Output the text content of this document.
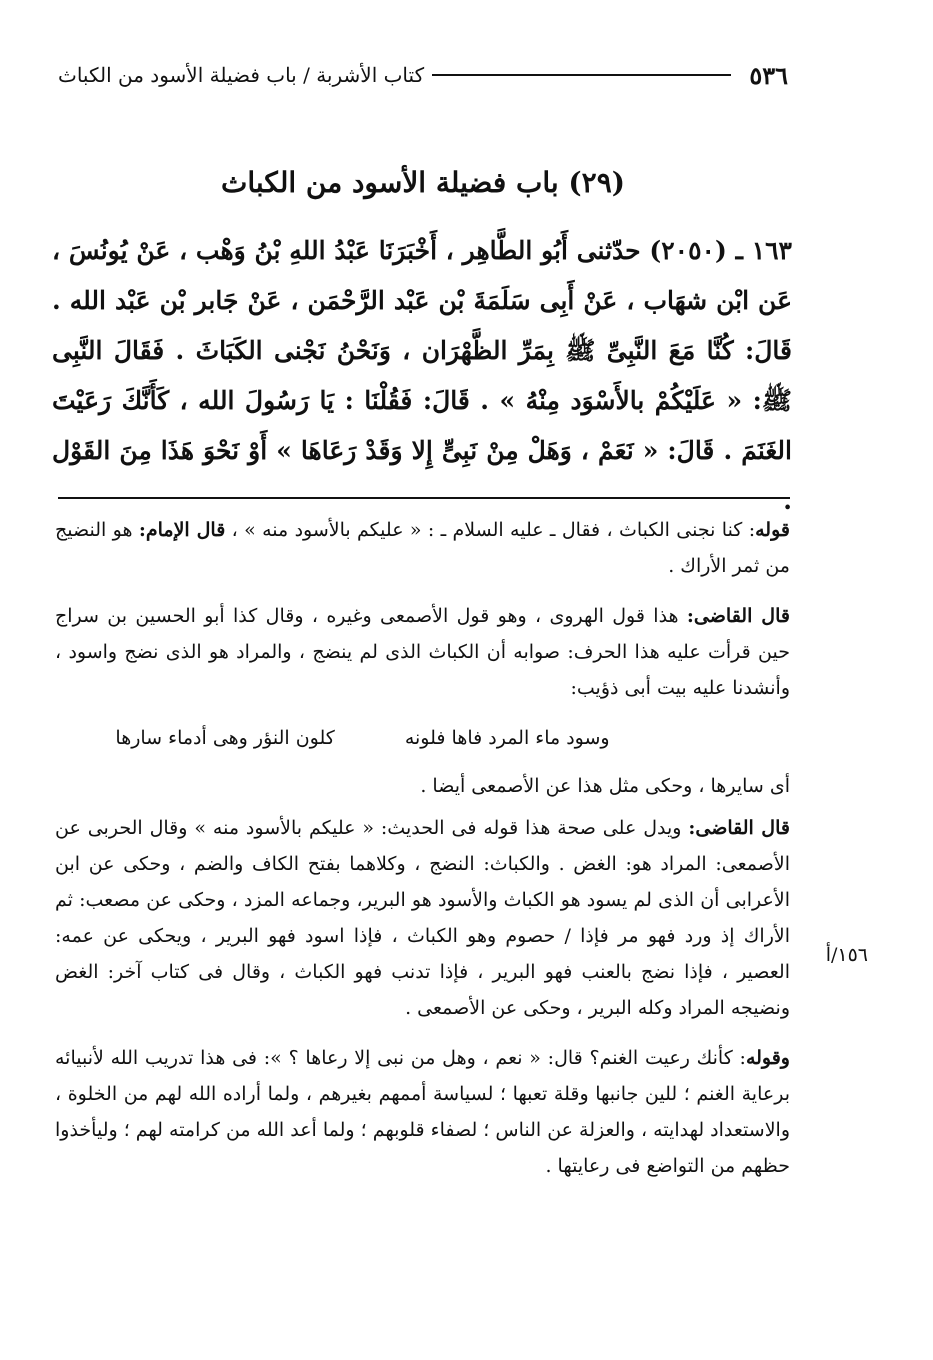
٥٣٦
كتاب الأشربة / باب فضيلة الأسود من الكباث
(٢٩) باب فضيلة الأسود من الكباث
١٦٣ ـ (٢٠٥٠) حدّثنى أَبُو الطَّاهِر ، أَخْبَرَنَا عَبْدُ اللهِ بْنُ وَهْب ، عَنْ يُونُسَ ، عَن ابْن شهَاب ، عَنْ أَبِى سَلَمَةَ بْن عَبْد الرَّحْمَن ، عَنْ جَابر بْن عَبْد الله . قَالَ: كُنَّا مَعَ النَّبِىِّ ﷺ بِمَرِّ الظَّهْرَان ، وَنَحْنُ نَجْنى الكَبَاثَ . فَقَالَ النَّبِى ﷺ: « عَلَيْكُمْ بالأَسْوَد مِنْهُ » . قَالَ: فَقُلْنَا : يَا رَسُولَ الله ، كَأَنَّكَ رَعَيْتَ الغَنَمَ . قَالَ: « نَعَمْ ، وَهَلْ مِنْ نَبِىٍّ إِلا وَقَدْ رَعَاهَا » أَوْ نَحْوَ هَذَا مِنَ القَوْل .

قوله: كنا نجنى الكباث ، فقال ـ عليه السلام ـ : « عليكم بالأسود منه » ، قال الإمام: هو النضيج من ثمر الأراك .

قال القاضى: هذا قول الهروى ، وهو قول الأصمعى وغيره ، وقال كذا أبو الحسين بن سراج حين قرأت عليه هذا الحرف: صوابه أن الكباث الذى لم ينضج ، والمراد هو الذى نضج واسود ، وأنشدنا عليه بيت أبى ذؤيب:

وسود ماء المرد فاها فلونه
كلون النؤر وهى أدماء سارها

أى سايرها ، وحكى مثل هذا عن الأصمعى أيضا .

قال القاضى: ويدل على صحة هذا قوله فى الحديث: « عليكم بالأسود منه » وقال الحربى عن الأصمعى: المراد هو: الغض . والكباث: النضج ، وكلاهما بفتح الكاف والضم ، وحكى عن ابن الأعرابى أن الذى لم يسود هو الكباث والأسود هو البرير، وجماعه المزد ، وحكى عن مصعب: ثم الأراك إذ ورد فهو مر فإذا / حصوم وهو الكباث ، فإذا اسود فهو البرير ، ويحكى عن عمه: العصير ، فإذا نضج بالعنب فهو البرير ، فإذا تدنب فهو الكباث ، وقال فى كتاب آخر: الغض ونضيجه المراد وكله البرير ، وحكى عن الأصمعى .

وقوله: كأنك رعيت الغنم؟ قال: « نعم ، وهل من نبى إلا رعاها ؟ »: فى هذا تدريب الله لأنبيائه برعاية الغنم ؛ للين جانبها وقلة تعبها ؛ لسياسة أممهم بغيرهم ، ولما أراده الله لهم من الخلوة ، والاستعداد لهدايته ، والعزلة عن الناس ؛ لصفاء قلوبهم ؛ ولما أعد الله من كرامته لهم ؛ وليأخذوا حظهم من التواضع فى رعايتها .

١٥٦/أ
